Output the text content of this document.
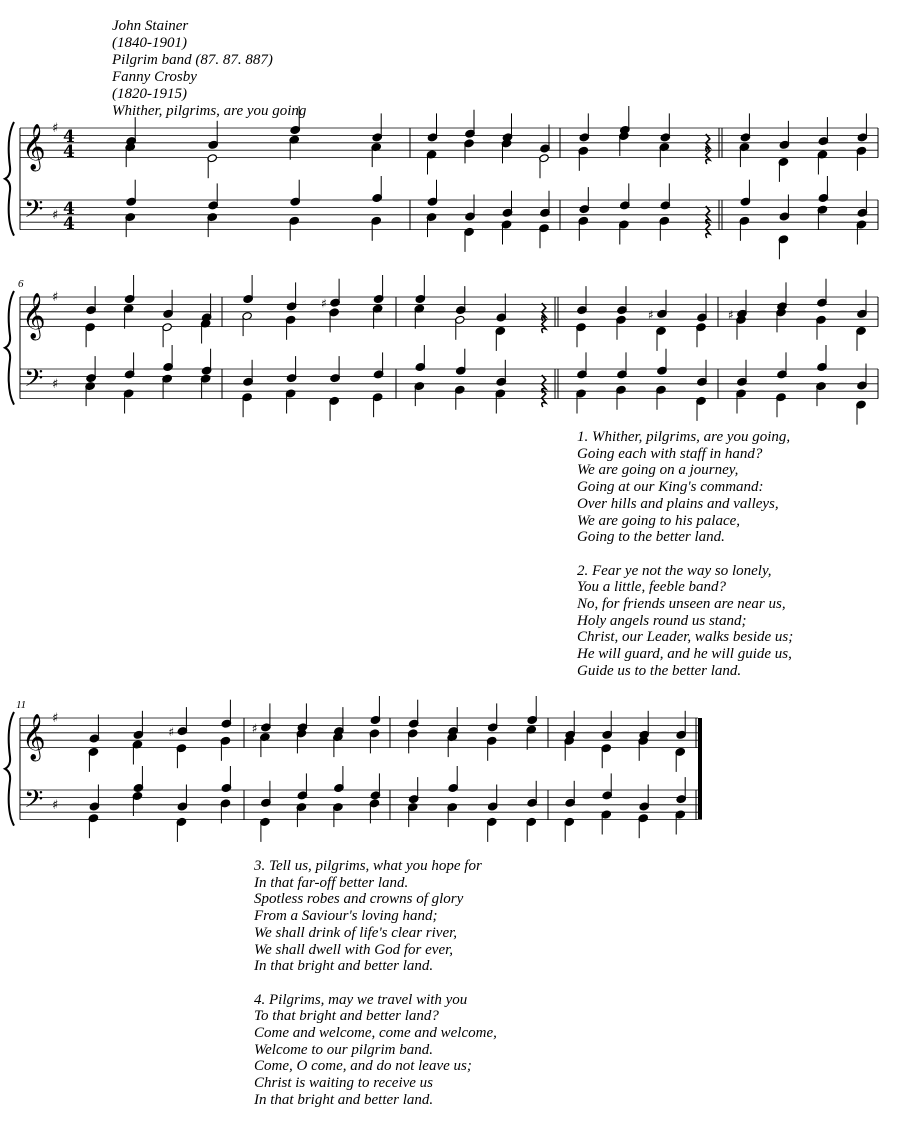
John Stainer
(1840-1901)
Pilgrim band (87. 87. 887)
Fanny Crosby
(1820-1915)
Whither, pilgrims, are you going
𝄞
𝄢
♯
♯
4
4
4
4
𝄞
𝄢
♯
♯
♯
♯	♯
𝄞
𝄢
♯
♯
♯	♯
6
11
1. Whither, pilgrims, are you going,
Going each with staff in hand?
We are going on a journey,
Going at our King's command:
Over hills and plains and valleys,
We are going to his palace,
Going to the better land.
2. Fear ye not the way so lonely,
You a little, feeble band?
No, for friends unseen are near us,
Holy angels round us stand;
Christ, our Leader, walks beside us;
He will guard, and he will guide us,
Guide us to the better land.
3. Tell us, pilgrims, what you hope for
In that far-off better land.
Spotless robes and crowns of glory
From a Saviour's loving hand;
We shall drink of life's clear river,
We shall dwell with God for ever,
In that bright and better land.
4. Pilgrims, may we travel with you
To that bright and better land?
Come and welcome, come and welcome,
Welcome to our pilgrim band.
Come, O come, and do not leave us;
Christ is waiting to receive us
In that bright and better land.
